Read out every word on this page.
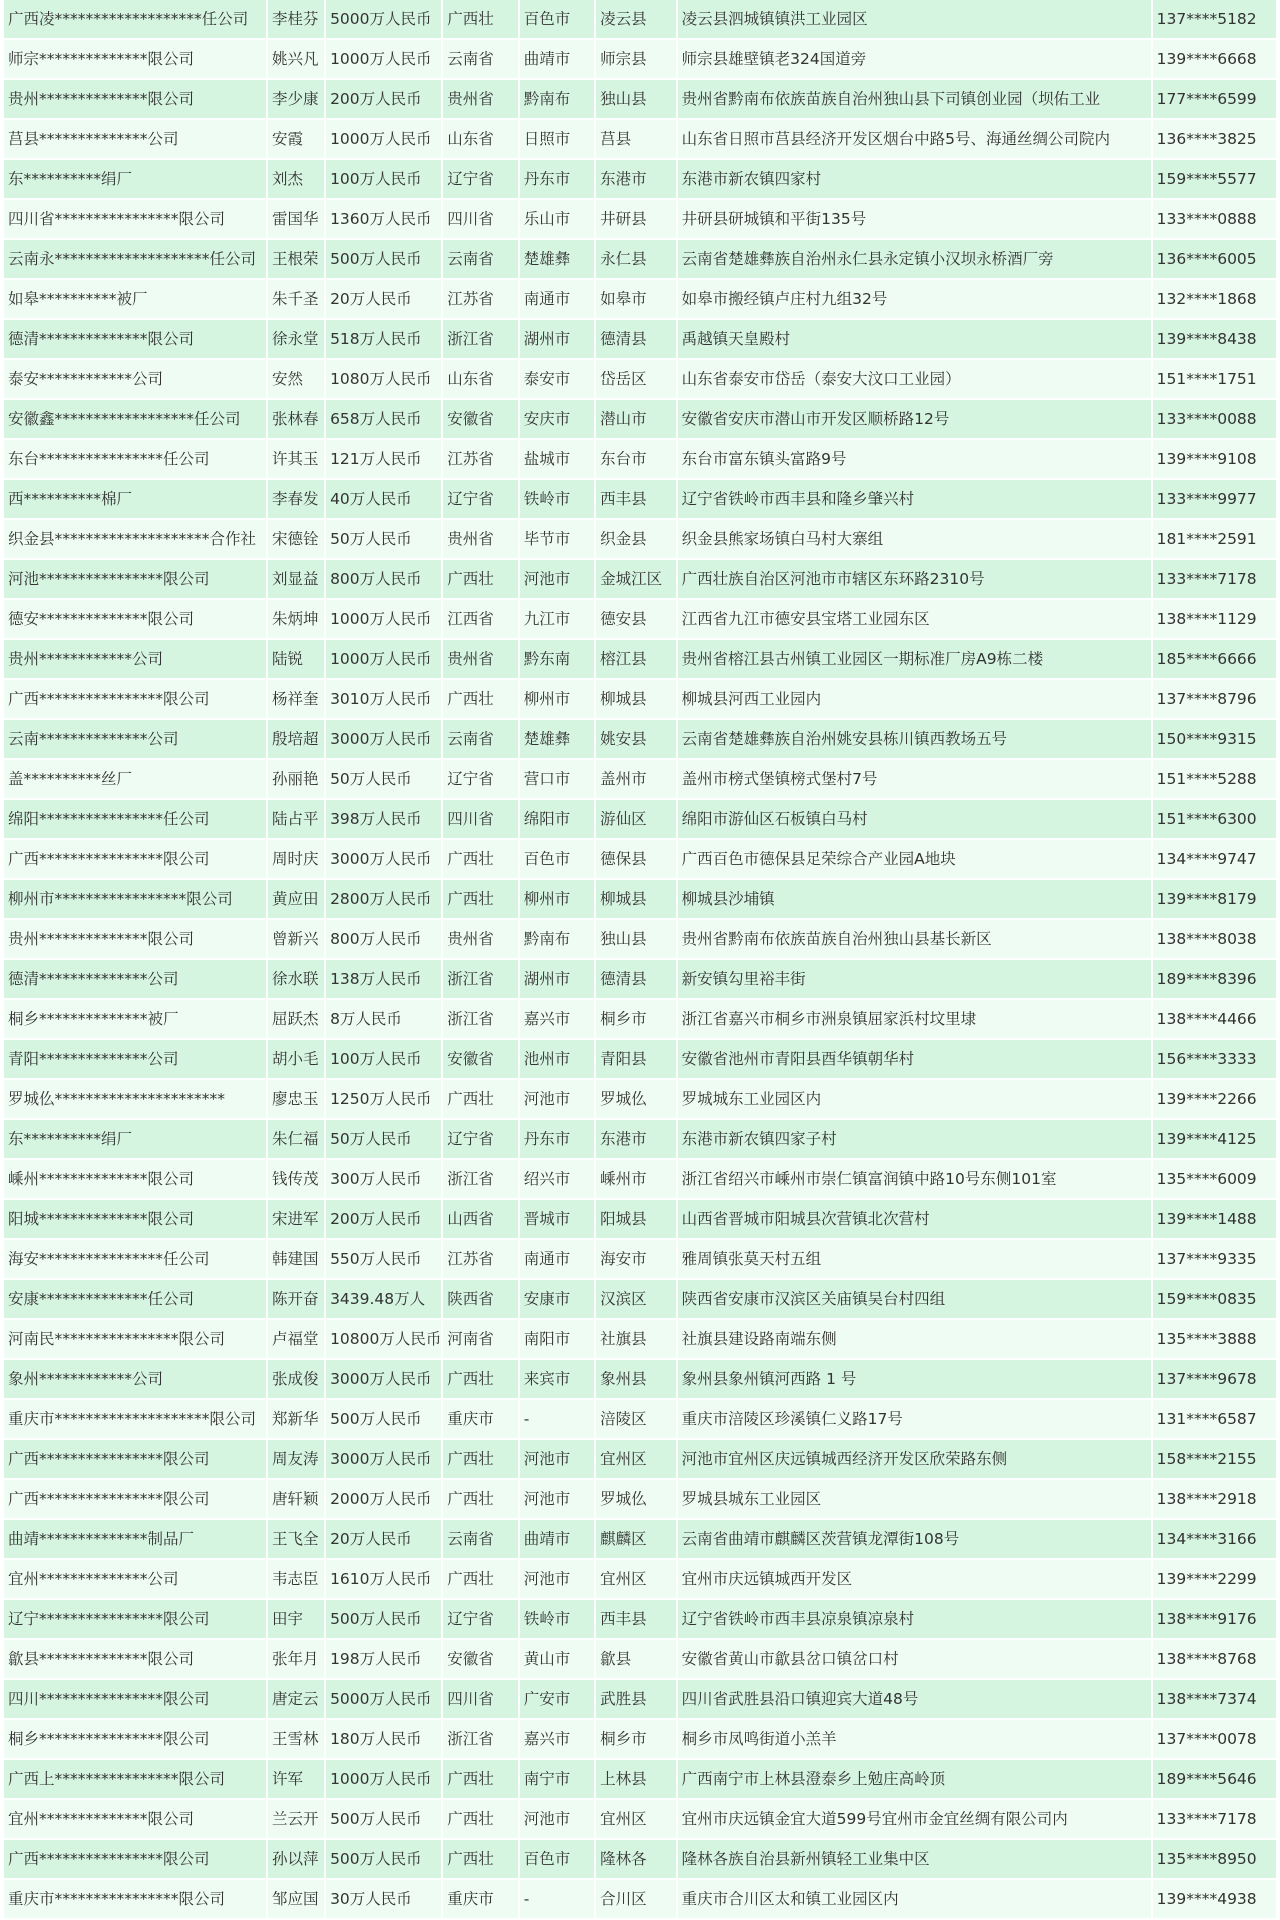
广西凌*******************任公司	李桂芬	5000万人民币	广西壮	百色市	凌云县	凌云县泗城镇镇洪工业园区	137****5182
师宗**************限公司	姚兴凡	1000万人民币	云南省	曲靖市	师宗县	师宗县雄壁镇老324国道旁	139****6668
贵州**************限公司	李少康	200万人民币	贵州省	黔南布	独山县	贵州省黔南布依族苗族自治州独山县下司镇创业园（坝佑工业	177****6599
莒县**************公司	安霞	1000万人民币	山东省	日照市	莒县	山东省日照市莒县经济开发区烟台中路5号、海通丝绸公司院内	136****3825
东**********绢厂	刘杰	100万人民币	辽宁省	丹东市	东港市	东港市新农镇四家村	159****5577
四川省****************限公司	雷国华	1360万人民币	四川省	乐山市	井研县	井研县研城镇和平街135号	133****0888
云南永********************任公司	王根荣	500万人民币	云南省	楚雄彝	永仁县	云南省楚雄彝族自治州永仁县永定镇小汉坝永桥酒厂旁	136****6005
如皋**********被厂	朱千圣	20万人民币	江苏省	南通市	如皋市	如皋市搬经镇卢庄村九组32号	132****1868
德清**************限公司	徐永堂	518万人民币	浙江省	湖州市	德清县	禹越镇天皇殿村	139****8438
泰安************公司	安然	1080万人民币	山东省	泰安市	岱岳区	山东省泰安市岱岳（泰安大汶口工业园）	151****1751
安徽鑫******************任公司	张林春	658万人民币	安徽省	安庆市	潜山市	安徽省安庆市潜山市开发区顺桥路12号	133****0088
东台****************任公司	许其玉	121万人民币	江苏省	盐城市	东台市	东台市富东镇头富路9号	139****9108
西**********棉厂	李春发	40万人民币	辽宁省	铁岭市	西丰县	辽宁省铁岭市西丰县和隆乡肇兴村	133****9977
织金县********************合作社	宋德铨	50万人民币	贵州省	毕节市	织金县	织金县熊家场镇白马村大寨组	181****2591
河池****************限公司	刘显益	800万人民币	广西壮	河池市	金城江区	广西壮族自治区河池市市辖区东环路2310号	133****7178
德安**************限公司	朱炳坤	1000万人民币	江西省	九江市	德安县	江西省九江市德安县宝塔工业园东区	138****1129
贵州************公司	陆锐	1000万人民币	贵州省	黔东南	榕江县	贵州省榕江县古州镇工业园区一期标准厂房A9栋二楼	185****6666
广西****************限公司	杨祥奎	3010万人民币	广西壮	柳州市	柳城县	柳城县河西工业园内	137****8796
云南**************公司	殷培超	3000万人民币	云南省	楚雄彝	姚安县	云南省楚雄彝族自治州姚安县栋川镇西教场五号	150****9315
盖**********丝厂	孙丽艳	50万人民币	辽宁省	营口市	盖州市	盖州市榜式堡镇榜式堡村7号	151****5288
绵阳****************任公司	陆占平	398万人民币	四川省	绵阳市	游仙区	绵阳市游仙区石板镇白马村	151****6300
广西****************限公司	周时庆	3000万人民币	广西壮	百色市	德保县	广西百色市德保县足荣综合产业园A地块	134****9747
柳州市*****************限公司	黄应田	2800万人民币	广西壮	柳州市	柳城县	柳城县沙埔镇	139****8179
贵州**************限公司	曾新兴	800万人民币	贵州省	黔南布	独山县	贵州省黔南布依族苗族自治州独山县基长新区	138****8038
德清**************公司	徐水联	138万人民币	浙江省	湖州市	德清县	新安镇勾里裕丰街	189****8396
桐乡**************被厂	屈跃杰	8万人民币	浙江省	嘉兴市	桐乡市	浙江省嘉兴市桐乡市洲泉镇屈家浜村坟里埭	138****4466
青阳**************公司	胡小毛	100万人民币	安徽省	池州市	青阳县	安徽省池州市青阳县酉华镇朝华村	156****3333
罗城仫**********************	廖忠玉	1250万人民币	广西壮	河池市	罗城仫	罗城城东工业园区内	139****2266
东**********绢厂	朱仁福	50万人民币	辽宁省	丹东市	东港市	东港市新农镇四家子村	139****4125
嵊州**************限公司	钱传茂	300万人民币	浙江省	绍兴市	嵊州市	浙江省绍兴市嵊州市崇仁镇富润镇中路10号东侧101室	135****6009
阳城**************限公司	宋进军	200万人民币	山西省	晋城市	阳城县	山西省晋城市阳城县次营镇北次营村	139****1488
海安****************任公司	韩建国	550万人民币	江苏省	南通市	海安市	雅周镇张莫天村五组	137****9335
安康**************任公司	陈开奋	3439.48万人	陕西省	安康市	汉滨区	陕西省安康市汉滨区关庙镇吴台村四组	159****0835
河南民****************限公司	卢福堂	10800万人民币	河南省	南阳市	社旗县	社旗县建设路南端东侧	135****3888
象州************公司	张成俊	3000万人民币	广西壮	来宾市	象州县	象州县象州镇河西路 1 号	137****9678
重庆市********************限公司	郑新华	500万人民币	重庆市	-	涪陵区	重庆市涪陵区珍溪镇仁义路17号	131****6587
广西****************限公司	周友涛	3000万人民币	广西壮	河池市	宜州区	河池市宜州区庆远镇城西经济开发区欣荣路东侧	158****2155
广西****************限公司	唐轩颖	2000万人民币	广西壮	河池市	罗城仫	罗城县城东工业园区	138****2918
曲靖**************制品厂	王飞全	20万人民币	云南省	曲靖市	麒麟区	云南省曲靖市麒麟区茨营镇龙潭街108号	134****3166
宜州**************公司	韦志臣	1610万人民币	广西壮	河池市	宜州区	宜州市庆远镇城西开发区	139****2299
辽宁****************限公司	田宇	500万人民币	辽宁省	铁岭市	西丰县	辽宁省铁岭市西丰县凉泉镇凉泉村	138****9176
歙县**************限公司	张年月	198万人民币	安徽省	黄山市	歙县	安徽省黄山市歙县岔口镇岔口村	138****8768
四川****************限公司	唐定云	5000万人民币	四川省	广安市	武胜县	四川省武胜县沿口镇迎宾大道48号	138****7374
桐乡****************限公司	王雪林	180万人民币	浙江省	嘉兴市	桐乡市	桐乡市凤鸣街道小羔羊	137****0078
广西上****************限公司	许军	1000万人民币	广西壮	南宁市	上林县	广西南宁市上林县澄泰乡上勉庄高岭顶	189****5646
宜州**************限公司	兰云开	500万人民币	广西壮	河池市	宜州区	宜州市庆远镇金宜大道599号宜州市金宜丝绸有限公司内	133****7178
广西****************限公司	孙以萍	500万人民币	广西壮	百色市	隆林各	隆林各族自治县新州镇轻工业集中区	135****8950
重庆市****************限公司	邹应国	30万人民币	重庆市	-	合川区	重庆市合川区太和镇工业园区内	139****4938
